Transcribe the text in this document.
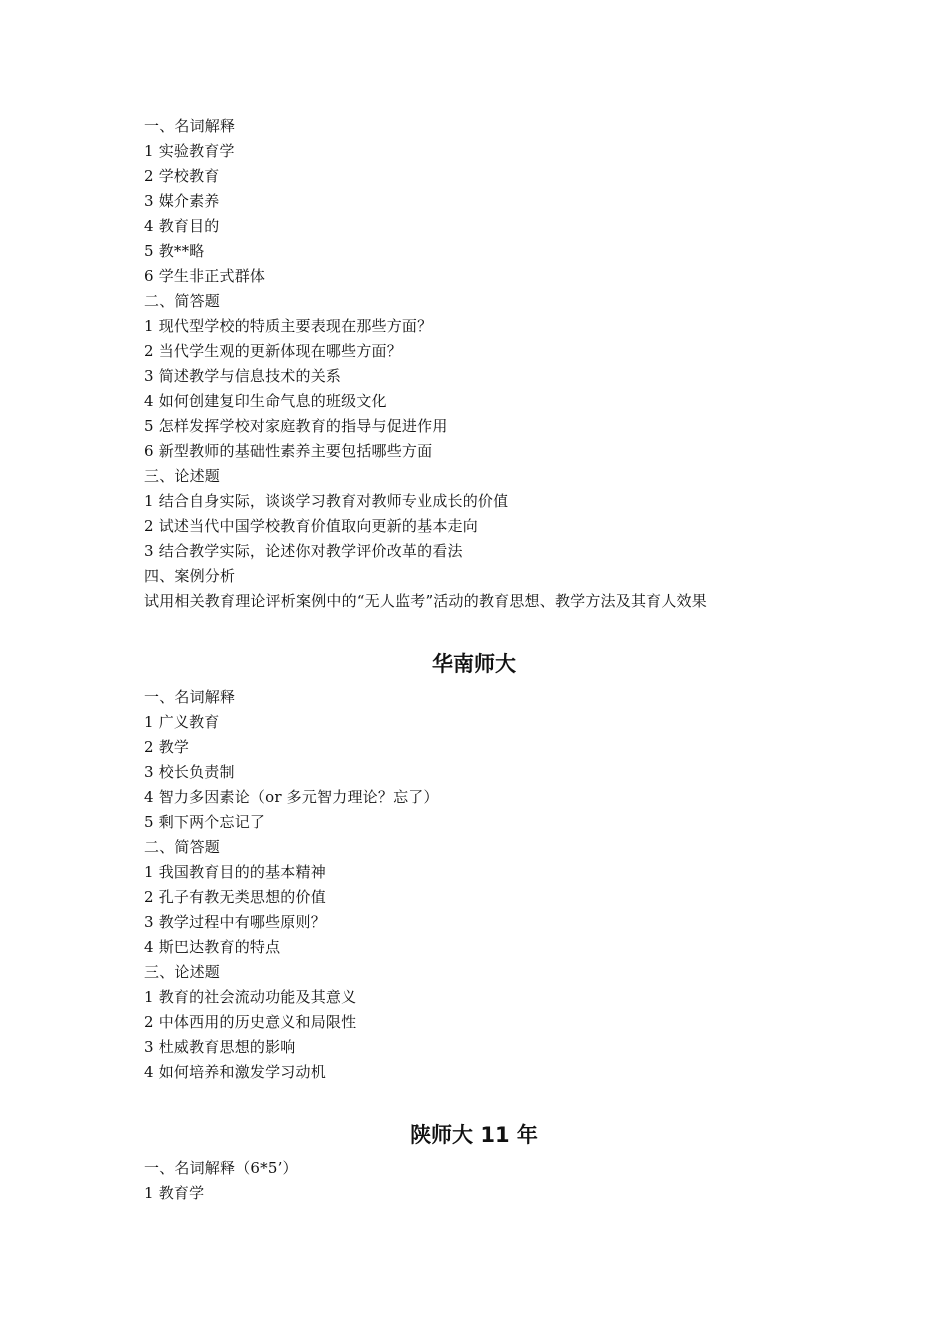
一、名词解释
1 实验教育学
2 学校教育
3 媒介素养
4 教育目的
5 教**略
6 学生非正式群体
二、简答题
1 现代型学校的特质主要表现在那些方面？
2 当代学生观的更新体现在哪些方面？
3 简述教学与信息技术的关系
4 如何创建复印生命气息的班级文化
5 怎样发挥学校对家庭教育的指导与促进作用
6 新型教师的基础性素养主要包括哪些方面
三、论述题
1 结合自身实际，谈谈学习教育对教师专业成长的价值
2 试述当代中国学校教育价值取向更新的基本走向
3 结合教学实际，论述你对教学评价改革的看法
四、案例分析
试用相关教育理论评析案例中的“无人监考”活动的教育思想、教学方法及其育人效果
华南师大
一、名词解释
1 广义教育
2 教学
3 校长负责制
4 智力多因素论（or 多元智力理论？忘了）
5 剩下两个忘记了
二、简答题
1 我国教育目的的基本精神
2 孔子有教无类思想的价值
3 教学过程中有哪些原则？
4 斯巴达教育的特点
三、论述题
1 教育的社会流动功能及其意义
2 中体西用的历史意义和局限性
3 杜威教育思想的影响
4 如何培养和激发学习动机
陕师大 11 年
一、名词解释（6*5’）
1 教育学
